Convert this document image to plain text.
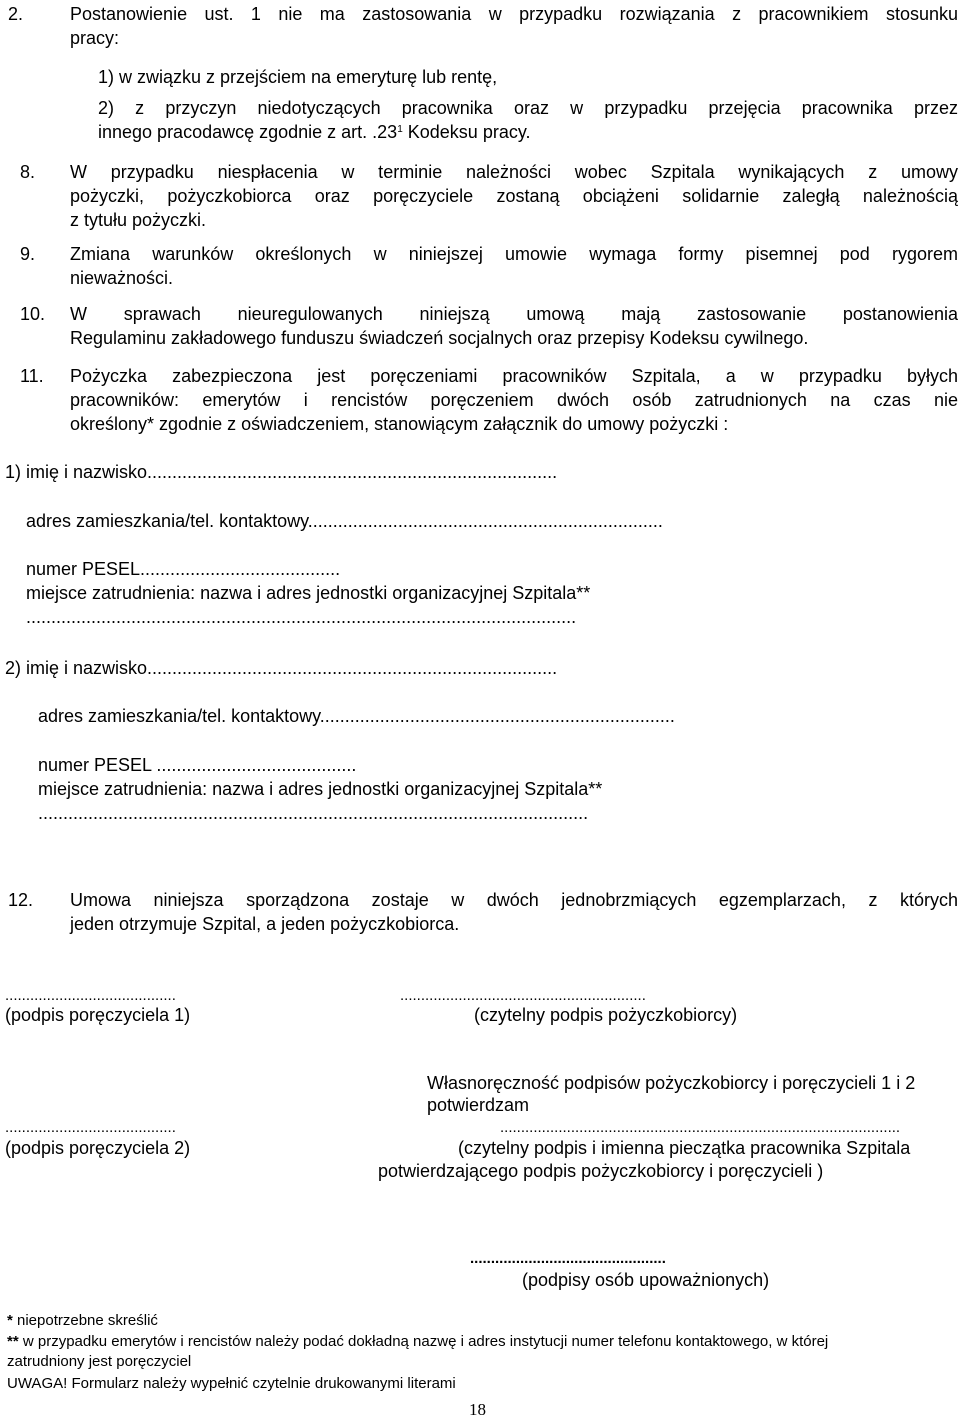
2.	Postanowienie ust. 1 nie ma zastosowania w przypadku rozwiązania z pracownikiem stosunku
pracy:
1) w związku z przejściem na emeryturę lub rentę,
2) z przyczyn niedotyczących pracownika oraz w przypadku przejęcia pracownika przez
innego pracodawcę zgodnie z art. $.23^1$ Kodeksu pracy.
8. W przypadku niespłacenia w terminie należności wobec Szpitala wynikających z umowy
pożyczki, pożyczkobiorca oraz poręczyciele zostaną obciążeni solidarnie zaległą należnością
z tytułu pożyczki.
9. Zmiana warunków określonych w niniejszej umowie wymaga formy pisemnej pod rygorem
nieważności.
10. W sprawach nieuregulowanych niniejszą umową mają zastosowanie postanowienia
Regulaminu zakładowego funduszu świadczeń socjalnych oraz przepisy Kodeksu cywilnego.
11. Pożyczka zabezpieczona jest poręczeniami pracowników Szpitala, a w przypadku byłych
pracowników: emerytów i rencistów poręczeniem dwóch osób zatrudnionych na czas nie
określony* zgodnie z oświadczeniem, stanowiącym załącznik do umowy pożyczki :
1) imię i nazwisko..................................................................................
adres zamieszkania/tel. kontaktowy.......................................................................
numer PESEL........................................
miejsce zatrudnienia: nazwa i adres jednostki organizacyjnej Szpitala**
..............................................................................................................
2) imię i nazwisko..................................................................................
adres zamieszkania/tel. kontaktowy.......................................................................
numer PESEL ........................................
miejsce zatrudnienia: nazwa i adres jednostki organizacyjnej Szpitala**
..............................................................................................................
12. Umowa niniejsza sporządzona zostaje w dwóch jednobrzmiących egzemplarzach, z których
jeden otrzymuje Szpital, a jeden pożyczkobiorca.
.........................................
(podpis poręczyciela 1)
...........................................................
(czytelny podpis pożyczkobiorcy)
Własnoręczność podpisów pożyczkobiorcy i poręczycieli 1 i 2
potwierdzam
.........................................
(podpis poręczyciela 2)
................................................................................................
(czytelny podpis i imienna pieczątka pracownika Szpitala
potwierdzającego podpis pożyczkobiorcy i poręczycieli )
...............................................
(podpisy osób upoważnionych)
* niepotrzebne skreślić
** w przypadku emerytów i rencistów należy podać dokładną nazwę i adres instytucji numer telefonu kontaktowego, w której
zatrudniony jest poręczyciel
UWAGA! Formularz należy wypełnić czytelnie drukowanymi literami
18
